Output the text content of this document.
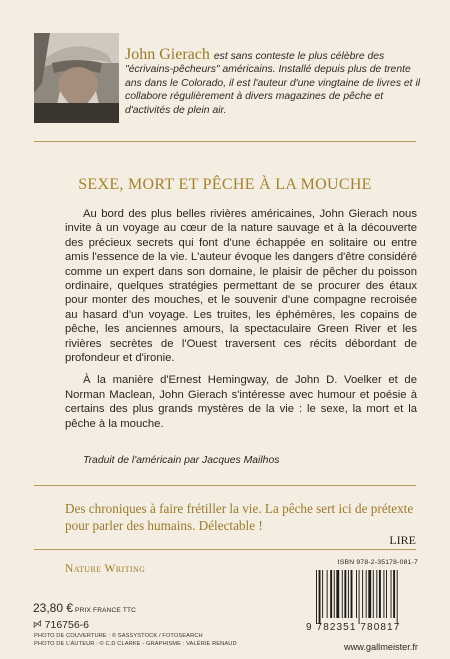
John Gierach est sans conteste le plus célèbre des "écrivains-pêcheurs" américains. Installé depuis plus de trente ans dans le Colorado, il est l'auteur d'une vingtaine de livres et il collabore régulièrement à divers magazines de pêche et d'activités de plein air.
SEXE, MORT ET PÊCHE À LA MOUCHE

Au bord des plus belles rivières américaines, John Gierach nous invite à un voyage au cœur de la nature sauvage et à la découverte des précieux secrets qui font d'une échappée en solitaire ou entre amis l'essence de la vie. L'auteur évoque les dangers d'être considéré comme un expert dans son domaine, le plaisir de pêcher du poisson ordinaire, quelques stratégies permettant de se procurer des étaux pour monter des mouches, et le souvenir d'une compagne recroisée au hasard d'un voyage. Les truites, les éphémères, les copains de pêche, les anciennes amours, la spectaculaire Green River et les rivières secrètes de l'Ouest traversent ces récits débordant de profondeur et d'ironie.

À la manière d'Ernest Hemingway, de John D. Voelker et de Norman Maclean, John Gierach s'intéresse avec humour et poésie à certains des plus grands mystères de la vie : le sexe, la mort et la pêche à la mouche.

Traduit de l'américain par Jacques Mailhos
Des chroniques à faire frétiller la vie. La pêche sert ici de prétexte pour parler des humains. Délectable !
LIRE
Nature Writing
23,80 € PRIX FRANCE TTC
ꗯ 716756-6
PHOTO DE COUVERTURE : © SASSYSTOCK / FOTOSEARCH
PHOTO DE L'AUTEUR : © C.D CLARKE - GRAPHISME : VALÉRIE RENAUD
ISBN 978-2-35178-081-7
9 782351 780817
www.gallmeister.fr
